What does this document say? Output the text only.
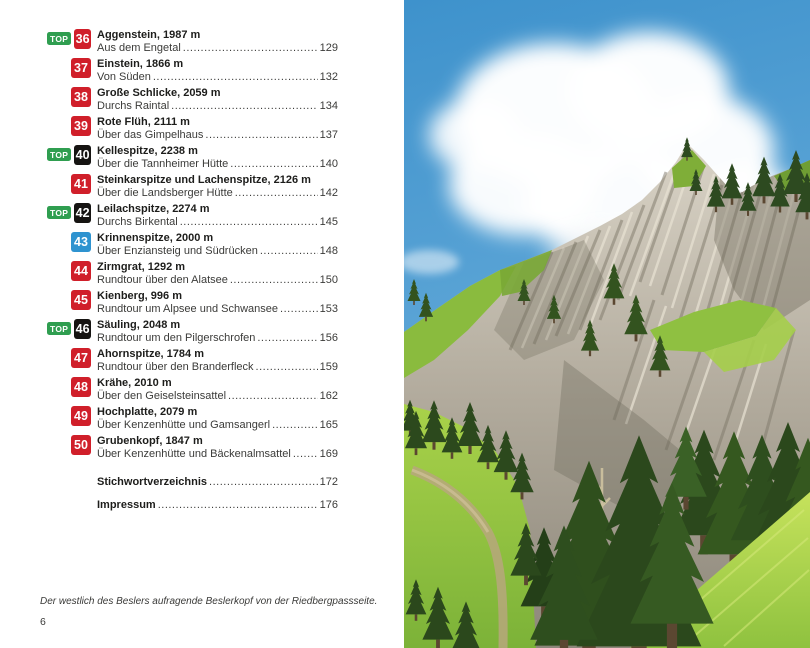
TOP 36 Aggenstein, 1987 m
Aus dem Engetal .....	129
37 Einstein, 1866 m
Von Süden .....	132
38 Große Schlicke, 2059 m
Durchs Raintal .....	134
39 Rote Flüh, 2111 m
Über das Gimpelhaus .....	137
TOP 40 Kellespitze, 2238 m
Über die Tannheimer Hütte .....	140
41 Steinkarspitze und Lachenspitze, 2126 m
Über die Landsberger Hütte .....	142
TOP 42 Leilachspitze, 2274 m
Durchs Birkental .....	145
43 Krinnenspitze, 2000 m
Über Enziansteig und Südrücken .....	148
44 Zirmgrat, 1292 m
Rundtour über den Alatsee .....	150
45 Kienberg, 996 m
Rundtour um Alpsee und Schwansee .....	153
TOP 46 Säuling, 2048 m
Rundtour um den Pilgerschrofen .....	156
47 Ahornspitze, 1784 m
Rundtour über den Branderfleck .....	159
48 Krähe, 2010 m
Über den Geiselsteinsattel .....	162
49 Hochplatte, 2079 m
Über Kenzenhütte und Gamsangerl .....	165
50 Grubenkopf, 1847 m
Über Kenzenhütte und Bäckenalmsattel .....	169
Stichwortverzeichnis .....	172
Impressum .....	176
Der westlich des Beslers aufragende Beslerkopf von der Riedbergpassseite.
6
